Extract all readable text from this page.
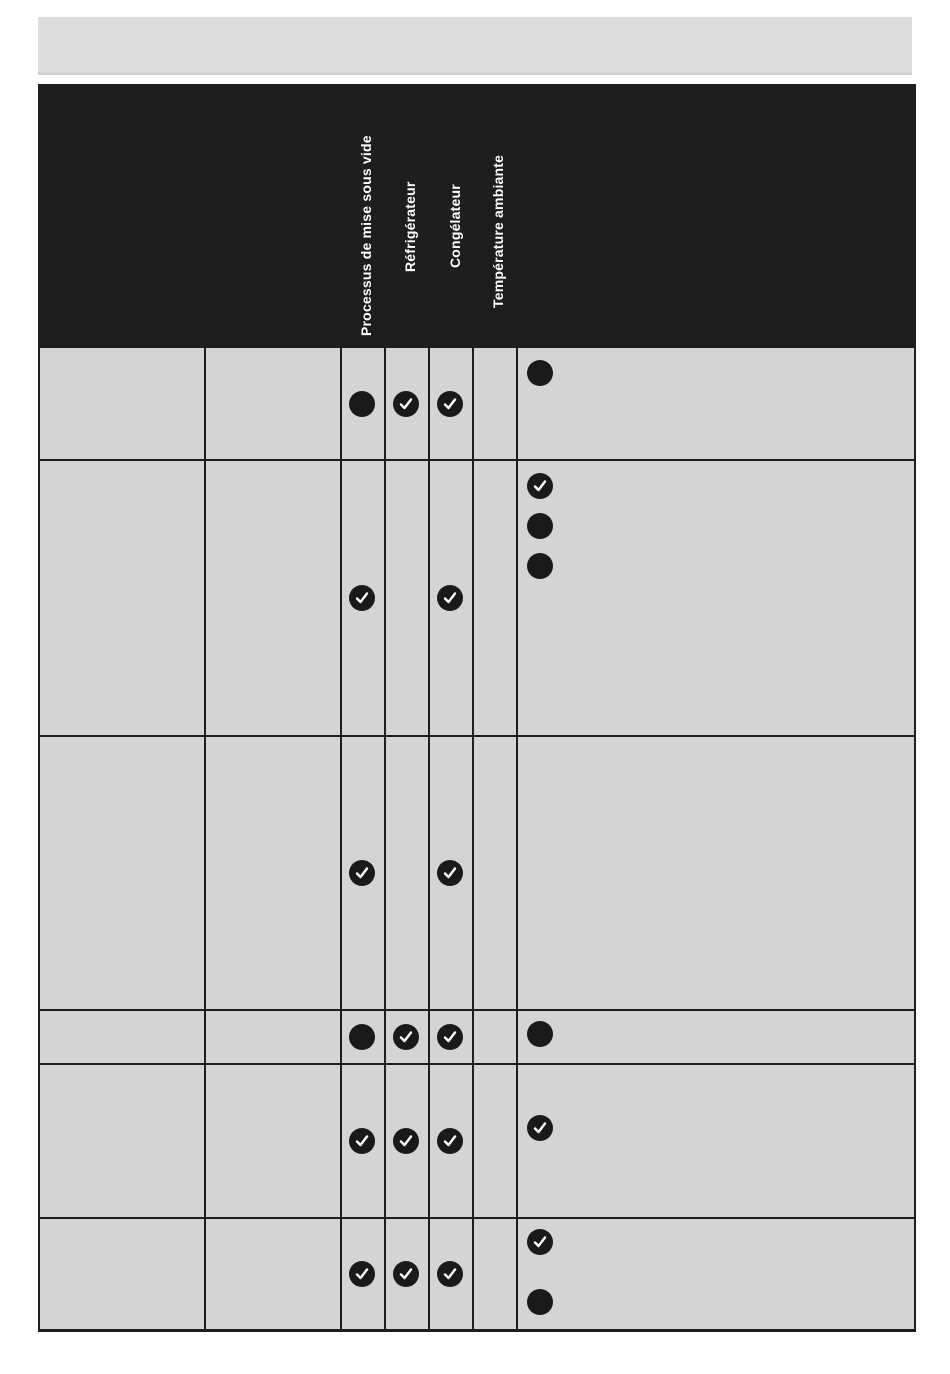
Processus de mise sous vide Réfrigérateur Congélateur Température ambiante
